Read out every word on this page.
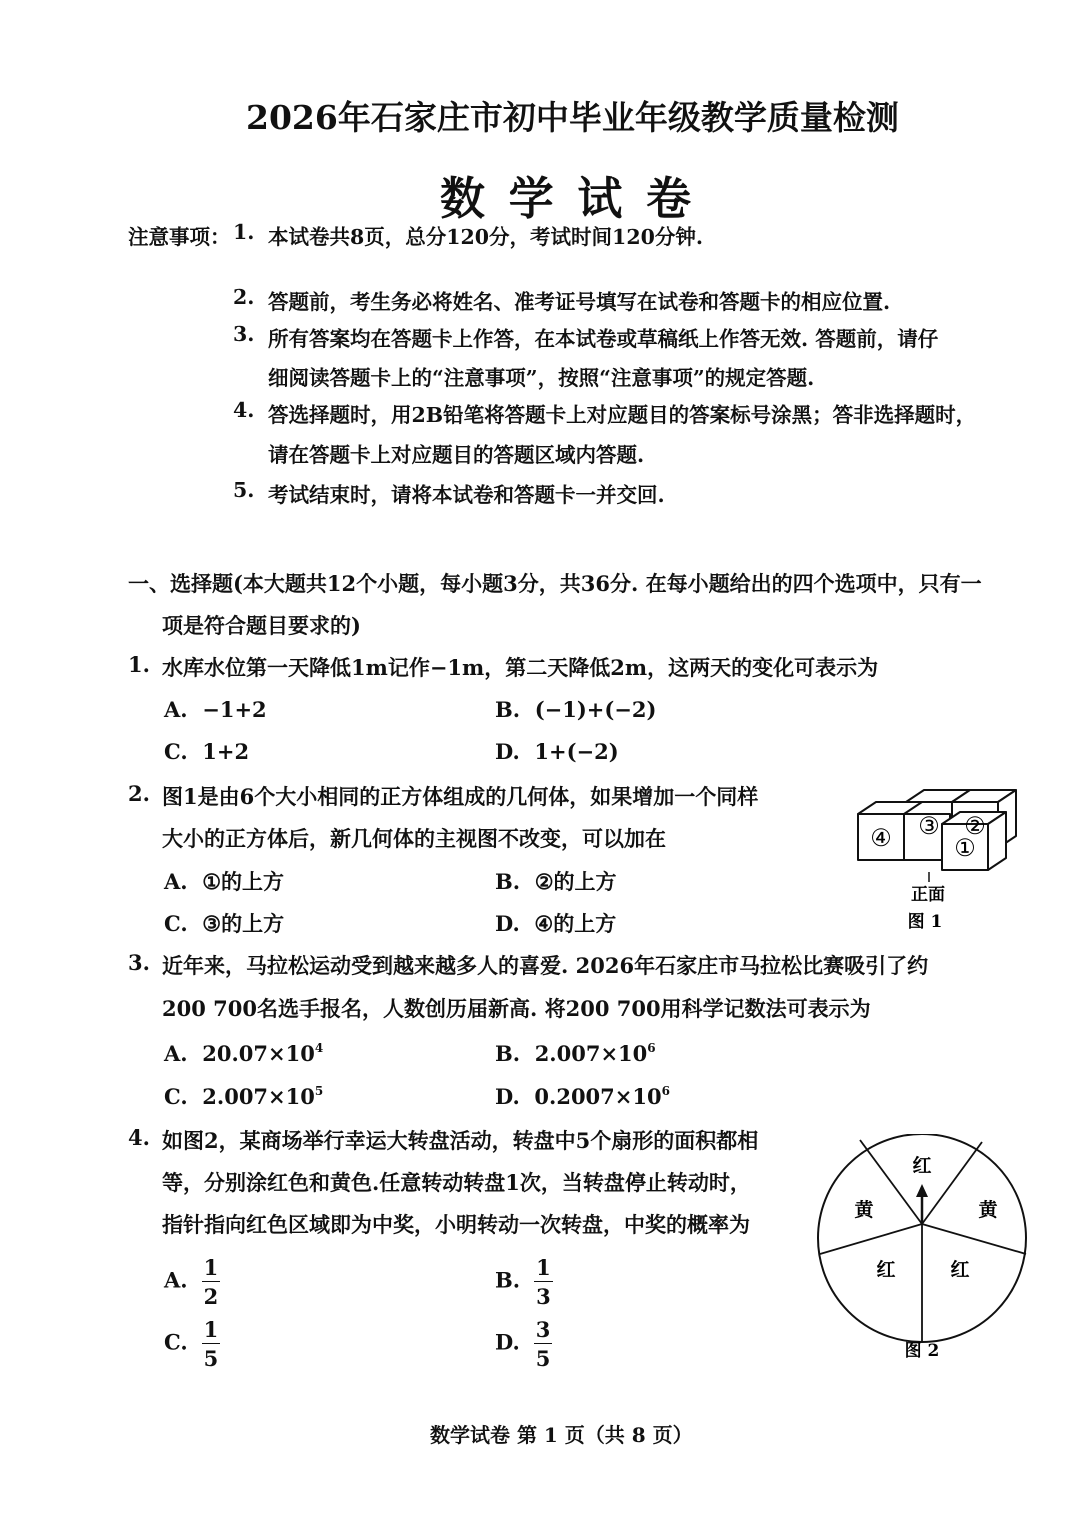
2026年石家庄市初中毕业年级教学质量检测
数 学 试 卷
注意事项： 1. 本试卷共8页，总分120分，考试时间120分钟.
2. 答题前，考生务必将姓名、准考证号填写在试卷和答题卡的相应位置.
3. 所有答案均在答题卡上作答，在本试卷或草稿纸上作答无效. 答题前，请仔
细阅读答题卡上的“注意事项”，按照“注意事项”的规定答题.
4. 答选择题时，用2B铅笔将答题卡上对应题目的答案标号涂黑；答非选择题时，
请在答题卡上对应题目的答题区域内答题.
5. 考试结束时，请将本试卷和答题卡一并交回.
一、选择题(本大题共12个小题，每小题3分，共36分. 在每小题给出的四个选项中，只有一
项是符合题目要求的)
1. 水库水位第一天降低1m记作−1m，第二天降低2m，这两天的变化可表示为
A. −1+2	B. (−1)+(−2)
C. 1+2	D. 1+(−2)
2. 图1是由6个大小相同的正方体组成的几何体，如果增加一个同样
大小的正方体后，新几何体的主视图不改变，可以加在
A. ①的上方	B. ②的上方
C. ③的上方	D. ④的上方
③ ②
④	①
正面
图 1
3. 近年来，马拉松运动受到越来越多人的喜爱. 2026年石家庄市马拉松比赛吸引了约
200 700名选手报名，人数创历届新高. 将200 700用科学记数法可表示为
A. $20.07\times 10^4$	B. $2.007\times 10^6$
C. $2.007\times 10^5$	D. $0.2007\times 10^6$
4. 如图2，某商场举行幸运大转盘活动，转盘中5个扇形的面积都相
等，分别涂红色和黄色.任意转动转盘1次，当转盘停止转动时，
指针指向红色区域即为中奖，小明转动一次转盘，中奖的概率为
A. $\frac{1}{2}$	B. $\frac{1}{3}$
C. $\frac{1}{5}$	D. $\frac{3}{5}$
红
黄	黄
红	红
图 2
数学试卷 第 1 页（共 8 页）
